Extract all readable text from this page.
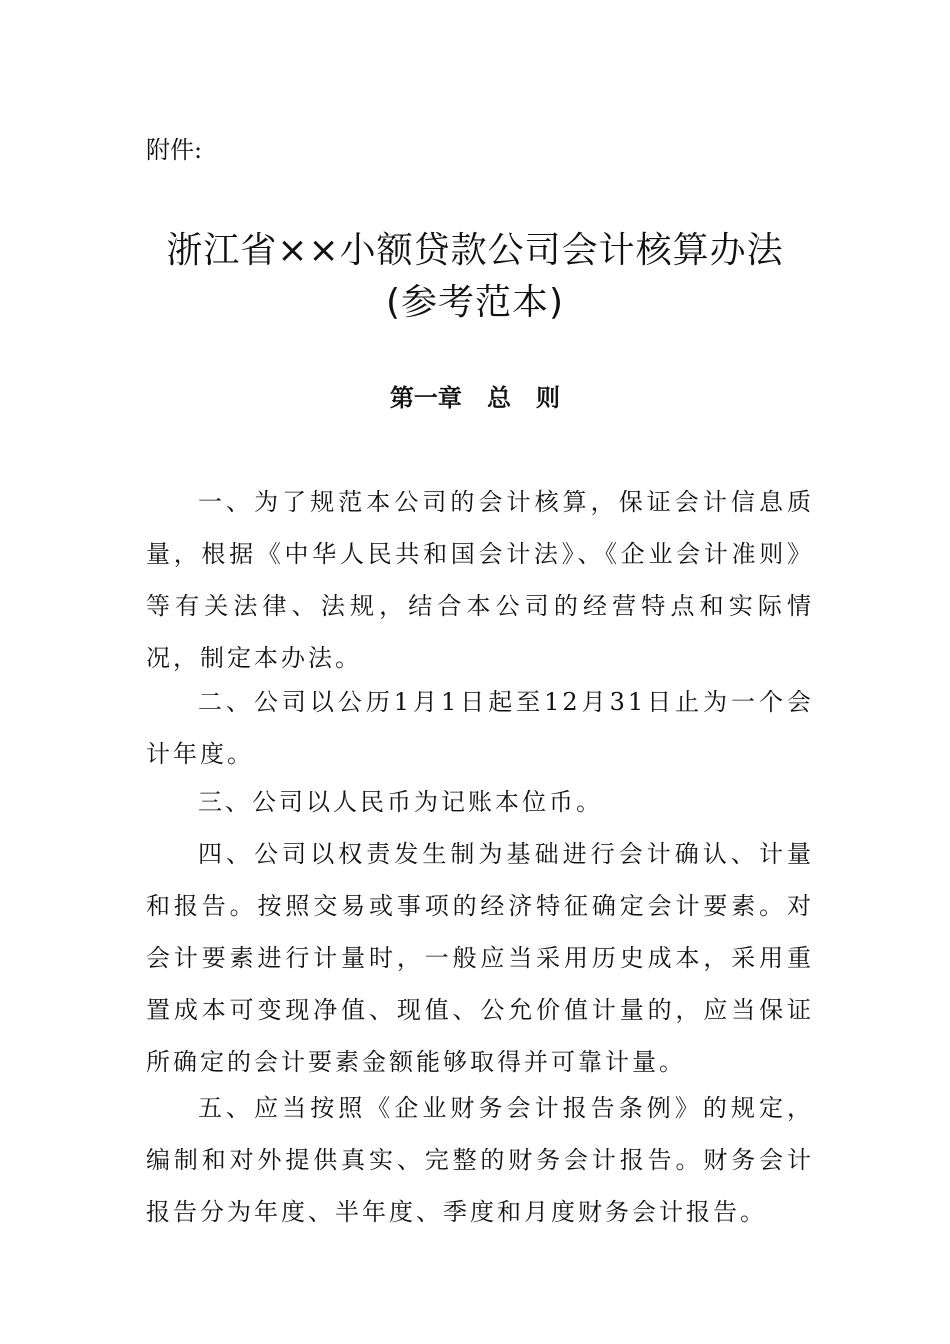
附件:
浙江省××小额贷款公司会计核算办法
(参考范本)
第一章   总   则

一、为了规范本公司的会计核算，保证会计信息质量，根据《中华人民共和国会计法》、《企业会计准则》等有关法律、法规，结合本公司的经营特点和实际情况，制定本办法。

二、公司以公历1月1日起至12月31日止为一个会计年度。

三、公司以人民币为记账本位币。

四、公司以权责发生制为基础进行会计确认、计量和报告。按照交易或事项的经济特征确定会计要素。对会计要素进行计量时，一般应当采用历史成本，采用重置成本可变现净值、现值、公允价值计量的，应当保证所确定的会计要素金额能够取得并可靠计量。

五、应当按照《企业财务会计报告条例》的规定，编制和对外提供真实、完整的财务会计报告。财务会计报告分为年度、半年度、季度和月度财务会计报告。
